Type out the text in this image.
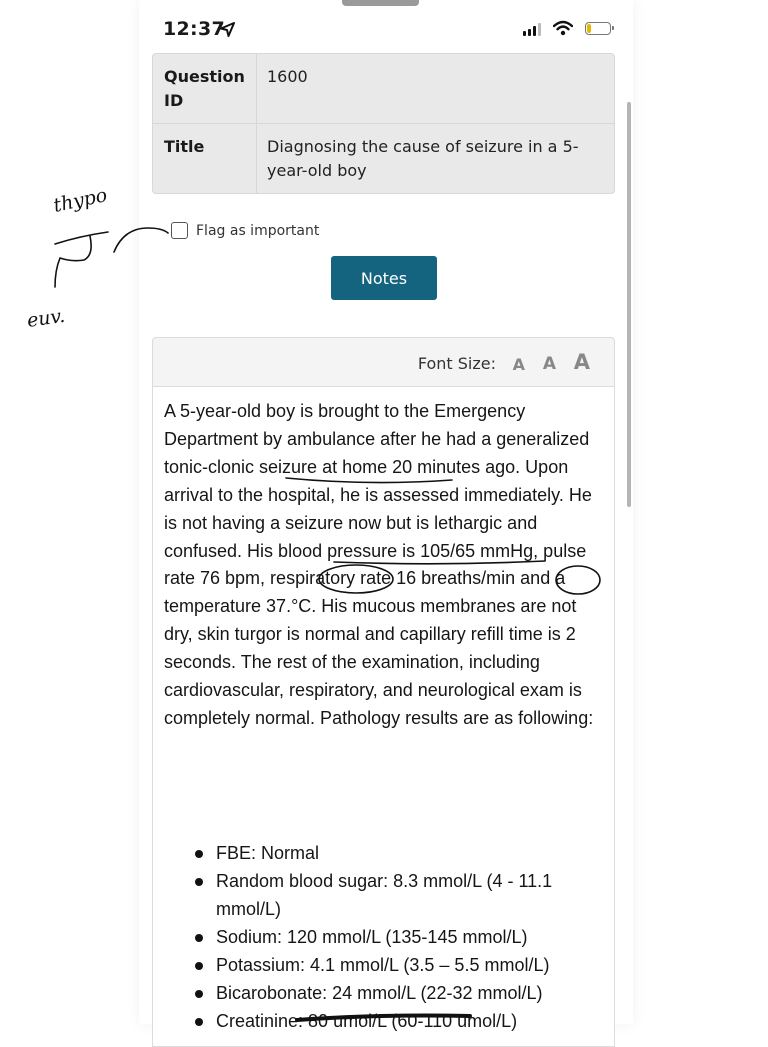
12:37
Question ID
1600
Title	Diagnosing the cause of seizure in a 5-year-old boy
Flag as important
Notes
Font Size: A A A

A 5-year-old boy is brought to the Emergency Department by ambulance after he had a generalized tonic-clonic seizure at home 20 minutes ago. Upon arrival to the hospital, he is assessed immediately. He is not having a seizure now but is lethargic and confused. His blood pressure is 105/65 mmHg, pulse rate 76 bpm, respiratory rate 16 breaths/min and a temperature 37.°C. His mucous membranes are not dry, skin turgor is normal and capillary refill time is 2 seconds. The rest of the examination, including cardiovascular, respiratory, and neurological exam is completely normal. Pathology results are as following:

FBE: Normal
Random blood sugar: 8.3 mmol/L (4 - 11.1 mmol/L)
Sodium: 120 mmol/L (135-145 mmol/L)
Potassium: 4.1 mmol/L (3.5 – 5.5 mmol/L)
Bicarobonate: 24 mmol/L (22-32 mmol/L)
Creatinine: 80 umol/L (60-110 umol/L)
thypo
euv.
